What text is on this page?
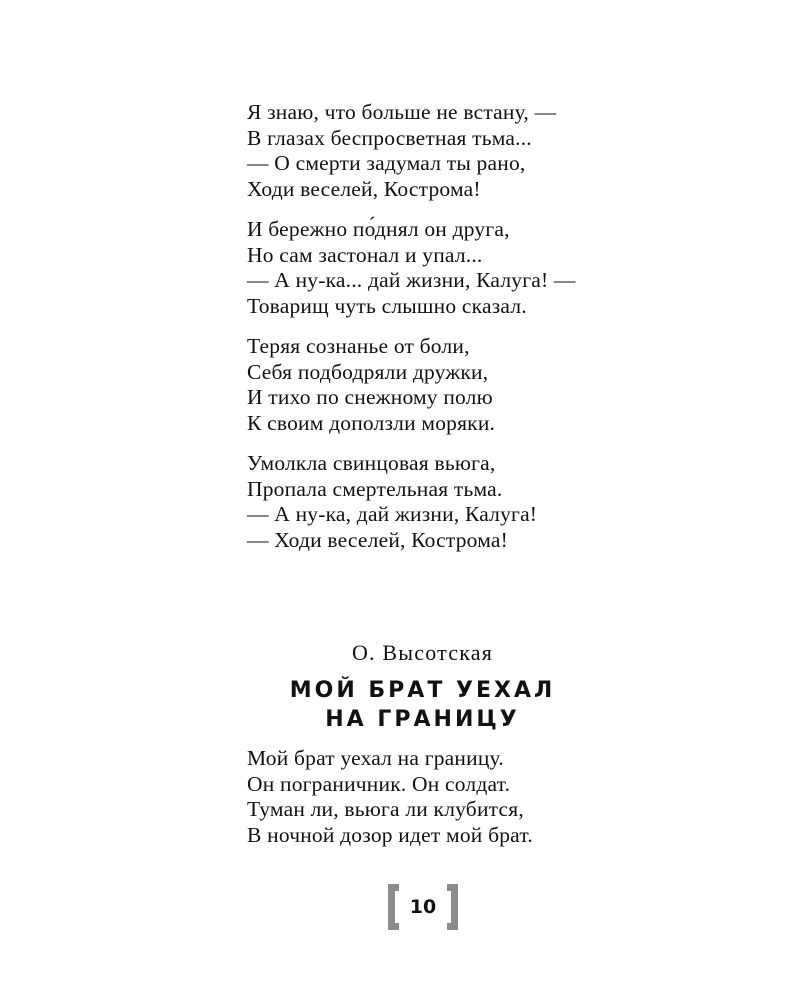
Я знаю, что больше не встану, —
В глазах беспросветная тьма...
— О смерти задумал ты рано,
Ходи веселей, Кострома!

И бережно по́днял он друга,
Но сам застонал и упал...
— А ну-ка... дай жизни, Калуга! —
Товарищ чуть слышно сказал.

Теряя сознанье от боли,
Себя подбодряли дружки,
И тихо по снежному полю
К своим доползли моряки.

Умолкла свинцовая вьюга,
Пропала смертельная тьма.
— А ну-ка, дай жизни, Калуга!
— Ходи веселей, Кострома!

О. Высотская
МОЙ БРАТ УЕХАЛ
НА ГРАНИЦУ

Мой брат уехал на границу.
Он пограничник. Он солдат.
Туман ли, вьюга ли клубится,
В ночной дозор идет мой брат.

10
